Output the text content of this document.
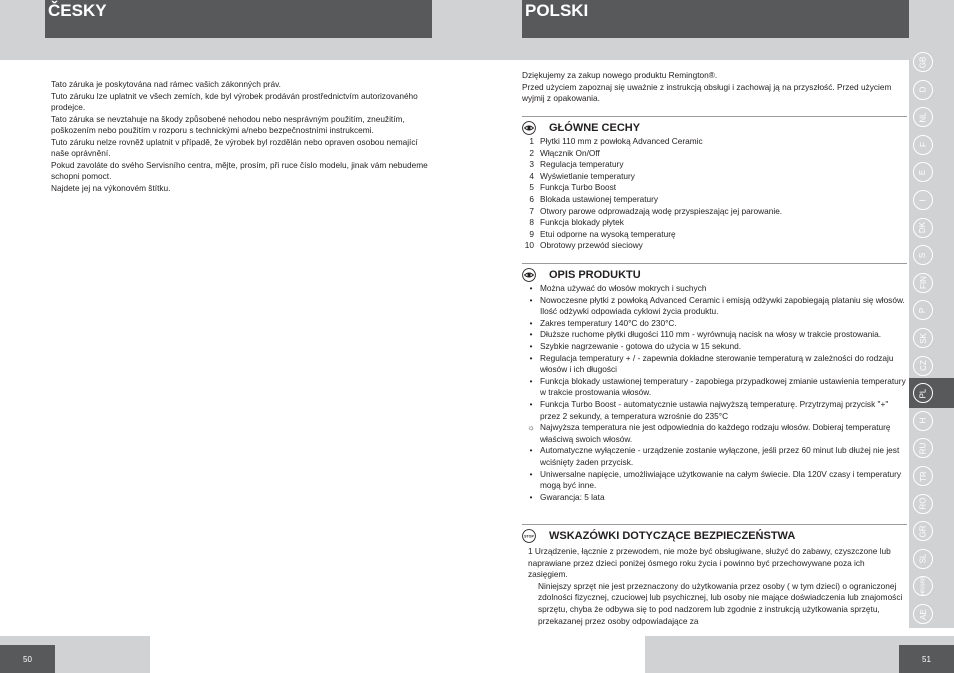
ČESKY	POLSKI

Tato záruka je poskytována nad rámec vašich zákonných práv.

Tuto záruku lze uplatnit ve všech zemích, kde byl výrobek prodáván prostřednictvím autorizovaného prodejce.

Tato záruka se nevztahuje na škody způsobené nehodou nebo nesprávným použitím, zneužitím, poškozením nebo použitím v rozporu s technickými a/nebo bezpečnostními instrukcemi.

Tuto záruku nelze rovněž uplatnit v případě, že výrobek byl rozdělán nebo opraven osobou nemající naše oprávnění.

Pokud zavoláte do svého Servisního centra, mějte, prosím, při ruce číslo modelu, jinak vám nebudeme schopni pomoct.

Najdete jej na výkonovém štítku.

Dziękujemy za zakup nowego produktu Remington®.

Przed użyciem zapoznaj się uważnie z instrukcją obsługi i zachowaj ją na przyszłość. Przed użyciem wyjmij z opakowania.

GŁÓWNE CECHY
1 Płytki 110 mm z powłoką Advanced Ceramic
2 Włącznik On/Off
3 Regulacja temperatury
4 Wyświetlanie temperatury
5 Funkcja Turbo Boost
6 Blokada ustawionej temperatury
7 Otwory parowe odprowadzają wodę przyspieszając jej parowanie.
8 Funkcja blokady płytek
9 Etui odporne na wysoką temperaturę
10 Obrotowy przewód sieciowy
OPIS PRODUKTU
• Można używać do włosów mokrych i suchych
• Nowoczesne płytki z powłoką Advanced Ceramic i emisją odżywki zapobiegają plataniu się włosów. Ilość odżywki odpowiada cyklowi życia produktu.
• Zakres temperatury 140°C do 230°C.
• Dłuższe ruchome płytki długości 110 mm - wyrównują nacisk na włosy w trakcie prostowania.
• Szybkie nagrzewanie - gotowa do użycia w 15 sekund.
• Regulacja temperatury + / - zapewnia dokładne sterowanie temperaturą w zależności do rodzaju włosów i ich długości
• Funkcja blokady ustawionej temperatury - zapobiega przypadkowej zmianie ustawienia temperatury w trakcie prostowania włosów.
• Funkcja Turbo Boost - automatycznie ustawia najwyższą temperaturę. Przytrzymaj przycisk "+" przez 2 sekundy, a temperatura wzrośnie do 235°C
☼ Najwyższa temperatura nie jest odpowiednia do każdego rodzaju włosów. Dobieraj temperaturę właściwą swoich włosów.
• Automatyczne wyłączenie - urządzenie zostanie wyłączone, jeśli przez 60 minut lub dłużej nie jest wciśnięty żaden przycisk.
• Uniwersalne napięcie, umożliwiające użytkowanie na całym świecie. Dla 120V czasy i temperatury mogą być inne.
• Gwarancja: 5 lata
STOP WSKAZÓWKI DOTYCZĄCE BEZPIECZEŃSTWA

1 Urządzenie, łącznie z przewodem, nie może być obsługiwane, służyć do zabawy, czyszczone lub naprawiane przez dzieci poniżej ósmego roku życia i powinno być przechowywane poza ich zasięgiem.

Niniejszy sprzęt nie jest przeznaczony do użytkowania przez osoby ( w tym dzieci) o ograniczonej zdolności fizycznej, czuciowej lub psychicznej, lub osoby nie mające doświadczenia lub znajomości sprzętu, chyba że odbywa się to pod nadzorem lub zgodnie z instrukcją użytkowania sprzętu, przekazanej przez osoby odpowiadające za

50	51
GB
D
NL
F
E
I
DK
S
FIN
P
SK
CZ
PL
H
RU
TR
RO
GR
SL
HR/SRB
AE
